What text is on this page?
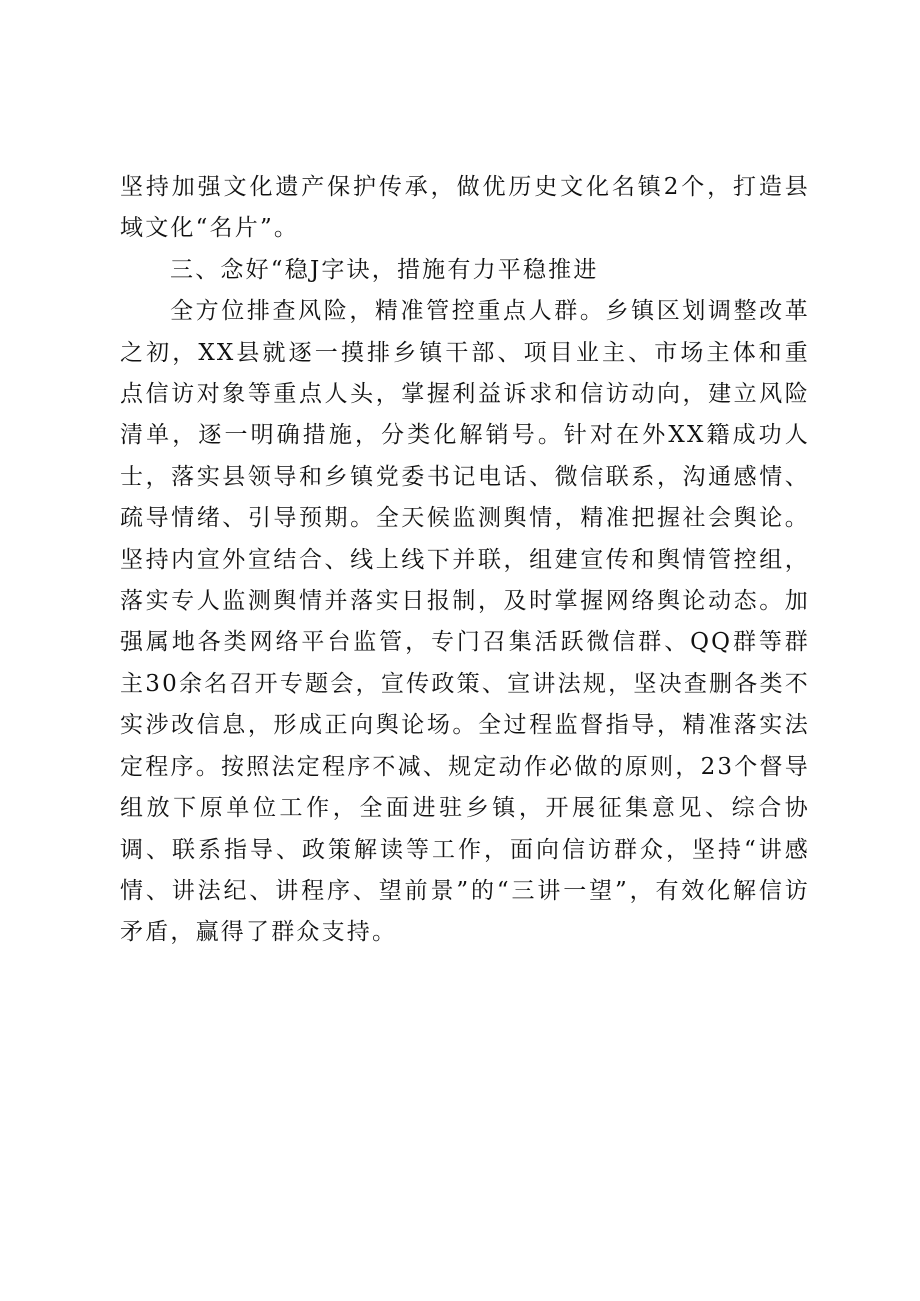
坚持加强文化遗产保护传承，做优历史文化名镇2个，打造县域文化“名片”。

三、念好“稳J字诀，措施有力平稳推进

全方位排查风险，精准管控重点人群。乡镇区划调整改革之初，XX县就逐一摸排乡镇干部、项目业主、市场主体和重点信访对象等重点人头，掌握利益诉求和信访动向，建立风险清单，逐一明确措施，分类化解销号。针对在外XX籍成功人士，落实县领导和乡镇党委书记电话、微信联系，沟通感情、疏导情绪、引导预期。全天候监测舆情，精准把握社会舆论。坚持内宣外宣结合、线上线下并联，组建宣传和舆情管控组，落实专人监测舆情并落实日报制，及时掌握网络舆论动态。加强属地各类网络平台监管，专门召集活跃微信群、QQ群等群主30余名召开专题会，宣传政策、宣讲法规，坚决查删各类不实涉改信息，形成正向舆论场。全过程监督指导，精准落实法定程序。按照法定程序不减、规定动作必做的原则，23个督导组放下原单位工作，全面进驻乡镇，开展征集意见、综合协调、联系指导、政策解读等工作，面向信访群众，坚持“讲感情、讲法纪、讲程序、望前景”的“三讲一望”，有效化解信访矛盾，赢得了群众支持。
